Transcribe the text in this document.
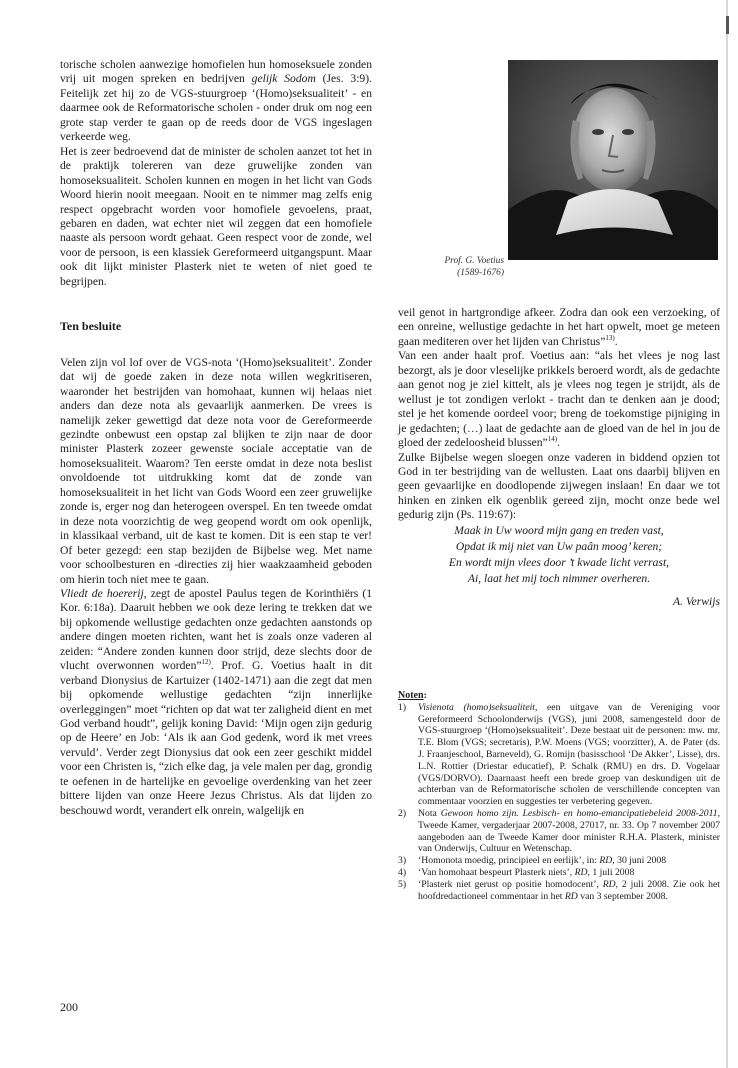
torische scholen aanwezige homofielen hun homoseksuele zonden vrij uit mogen spreken en bedrijven gelijk Sodom (Jes. 3:9). Feitelijk zet hij zo de VGS-stuurgroep ‘(Homo)seksualiteit’ - en daarmee ook de Reformatorische scholen - onder druk om nog een grote stap verder te gaan op de reeds door de VGS ingeslagen verkeerde weg.

Het is zeer bedroevend dat de minister de scholen aanzet tot het in de praktijk tolereren van deze gruwelijke zonden van homoseksualiteit. Scholen kunnen en mogen in het licht van Gods Woord hierin nooit meegaan. Nooit en te nimmer mag zelfs enig respect opgebracht worden voor homofiele gevoelens, praat, gebaren en daden, wat echter niet wil zeggen dat een homofiele naaste als persoon wordt gehaat. Geen respect voor de zonde, wel voor de persoon, is een klassiek Gereformeerd uitgangspunt. Maar ook dit lijkt minister Plasterk niet te weten of niet goed te begrijpen.

Ten besluite

Velen zijn vol lof over de VGS-nota ‘(Homo)seksualiteit’. Zonder dat wij de goede zaken in deze nota willen wegkritiseren, waaronder het bestrijden van homohaat, kunnen wij helaas niet anders dan deze nota als gevaarlijk aanmerken. De vrees is namelijk zeker gewettigd dat deze nota voor de Gereformeerde gezindte onbewust een opstap zal blijken te zijn naar de door minister Plasterk zozeer gewenste sociale acceptatie van de homoseksualiteit. Waarom? Ten eerste omdat in deze nota beslist onvoldoende tot uitdrukking komt dat de zonde van homoseksualiteit in het licht van Gods Woord een zeer gruwelijke zonde is, erger nog dan heterogeen overspel. En ten tweede omdat in deze nota voorzichtig de weg geopend wordt om ook openlijk, in klassikaal verband, uit de kast te komen. Dit is een stap te ver! Of beter gezegd: een stap bezijden de Bijbelse weg. Met name voor schoolbesturen en -directies zij hier waakzaamheid geboden om hierin toch niet mee te gaan.

Vliedt de hoererij, zegt de apostel Paulus tegen de Korinthiërs (1 Kor. 6:18a). Daaruit hebben we ook deze lering te trekken dat we bij opkomende wellustige gedachten onze gedachten aanstonds op andere dingen moeten richten, want het is zoals onze vaderen al zeiden: “Andere zonden kunnen door strijd, deze slechts door de vlucht overwonnen worden”$^{12)}$. Prof. G. Voetius haalt in dit verband Dionysius de Kartuizer (1402-1471) aan die zegt dat men bij opkomende wellustige gedachten “zijn innerlijke overleggingen” moet “richten op dat wat ter zaligheid dient en met God verband houdt”, gelijk koning David: ‘Mijn ogen zijn gedurig op de Heere’ en Job: ‘Als ik aan God gedenk, word ik met vrees vervuld’. Verder zegt Dionysius dat ook een zeer geschikt middel voor een Christen is, “zich elke dag, ja vele malen per dag, grondig te oefenen in de hartelijke en gevoelige overdenking van het zeer bittere lijden van onze Heere Jezus Christus. Als dat lijden zo beschouwd wordt, verandert elk onrein, walgelijk en

Prof. G. Voetius
(1589-1676)

veil genot in hartgrondige afkeer. Zodra dan ook een verzoeking, of een onreine, wellustige gedachte in het hart opwelt, moet ge meteen gaan mediteren over het lijden van Christus”$^{13)}$.

Van een ander haalt prof. Voetius aan: “als het vlees je nog last bezorgt, als je door vleselijke prikkels beroerd wordt, als de gedachte aan genot nog je ziel kittelt, als je vlees nog tegen je strijdt, als de wellust je tot zondigen verlokt - tracht dan te denken aan je dood; stel je het komende oordeel voor; breng de toekomstige pijniging in je gedachten; (…) laat de gedachte aan de gloed van de hel in jou de gloed der zedeloosheid blussen”$^{14)}$.

Zulke Bijbelse wegen sloegen onze vaderen in biddend opzien tot God in ter bestrijding van de wellusten. Laat ons daarbij blijven en geen gevaarlijke en doodlopende zijwegen inslaan! En daar we tot hinken en zinken elk ogenblik gereed zijn, mocht onze bede wel gedurig zijn (Ps. 119:67):

Maak in Uw woord mijn gang en treden vast,

Opdat ik mij niet van Uw paân moog’ keren;

En wordt mijn vlees door ’t kwade licht verrast,

Ai, laat het mij toch nimmer overheren.

A. Verwijs

Noten:
1)	Visienota (homo)seksualiteit, een uitgave van de Vereniging voor Gereformeerd Schoolonderwijs (VGS), juni 2008, samengesteld door de VGS-stuurgroep ‘(Homo)seksualiteit’. Deze bestaat uit de personen: mw. mr. T.E. Blom (VGS; secretaris), P.W. Moens (VGS; voorzitter), A. de Pater (ds. J. Fraanjeschool, Barneveld), G. Romijn (basisschool ‘De Akker’, Lisse), drs. L.N. Rottier (Driestar educatief), P. Schalk (RMU) en drs. D. Vogelaar (VGS/DORVO). Daarnaast heeft een brede groep van deskundigen uit de achterban van de Reformatorische scholen de verschillende concepten van commentaar voorzien en suggesties ter verbetering gegeven.
2)	Nota Gewoon homo zijn. Lesbisch- en homo-emancipatiebeleid 2008-2011, Tweede Kamer, vergaderjaar 2007-2008, 27017, nr. 33. Op 7 november 2007 aangeboden aan de Tweede Kamer door minister R.H.A. Plasterk, minister van Onderwijs, Cultuur en Wetenschap.
3)	‘Homonota moedig, principieel en eerlijk’, in: RD, 30 juni 2008
4)	‘Van homohaat bespeurt Plasterk niets’, RD, 1 juli 2008
5)	‘Plasterk niet gerust op positie homodocent’, RD, 2 juli 2008. Zie ook het hoofdredactioneel commentaar in het RD van 3 september 2008.
200
